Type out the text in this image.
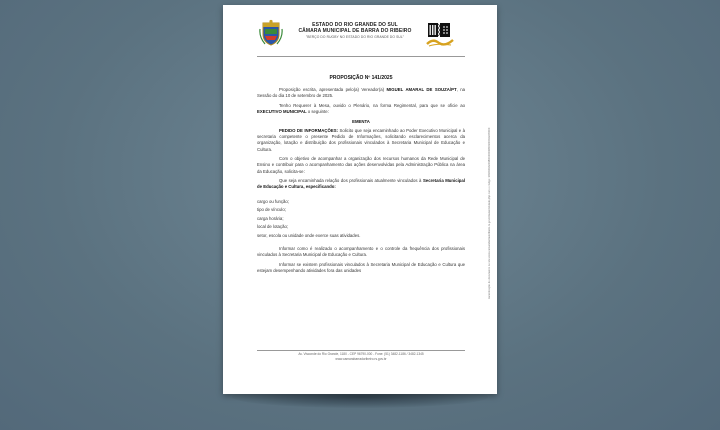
ESTADO DO RIO GRANDE DO SUL
CÂMARA MUNICIPAL DE BARRA DO RIBEIRO
"BERÇO DO RUGBY NO ESTADO DO RIO GRANDE DO SUL"
PROPOSIÇÃO Nº 141/2025

Proposição escrita, apresentada pelo(a) Vereador(a) MIGUEL AMARAL DE SOUZA/PT, na Sessão do dia 10 de setembro de 2025.

Tenho Requerer à Mesa, ouvido o Plenário, na forma Regimental, para que se oficie ao EXECUTIVO MUNICIPAL o seguinte:

EMENTA

PEDIDO DE INFORMAÇÕES: Solicito que seja encaminhado ao Poder Executivo Municipal e à secretaria competente o presente Pedido de Informações, solicitando esclarecimentos acerca da organização, lotação e distribuição dos profissionais vinculados à Secretaria Municipal de Educação e Cultura.

Com o objetivo de acompanhar a organização dos recursos humanos da Rede Municipal de Ensino e contribuir para o acompanhamento das ações desenvolvidas pela Administração Pública na área da Educação, solicita-se:

Que seja encaminhada relação dos profissionais atualmente vinculados à Secretaria Municipal de Educação e Cultura, especificando:

cargo ou função;

tipo de vínculo;

carga horária;

local de lotação;

setor, escola ou unidade onde exerce suas atividades.

Informar como é realizado o acompanhamento e o controle da frequência dos profissionais vinculados à Secretaria Municipal de Educação e Cultura.

Informar se existem profissionais vinculados à Secretaria Municipal de Educação e Cultura que estejam desempenhando atividades fora das unidades

Av. Visconde do Rio Grande, 1180 - CEP 96790-000 - Fone: (51) 3482-1186 / 3482-1345
www.camarabarradoribeiro.rs.gov.br
Autenticação do documento no site www.camarabarradoribeiro.rs.gov.br/autenticidade.php com o código: 3930303A0038003000380030003A005000
